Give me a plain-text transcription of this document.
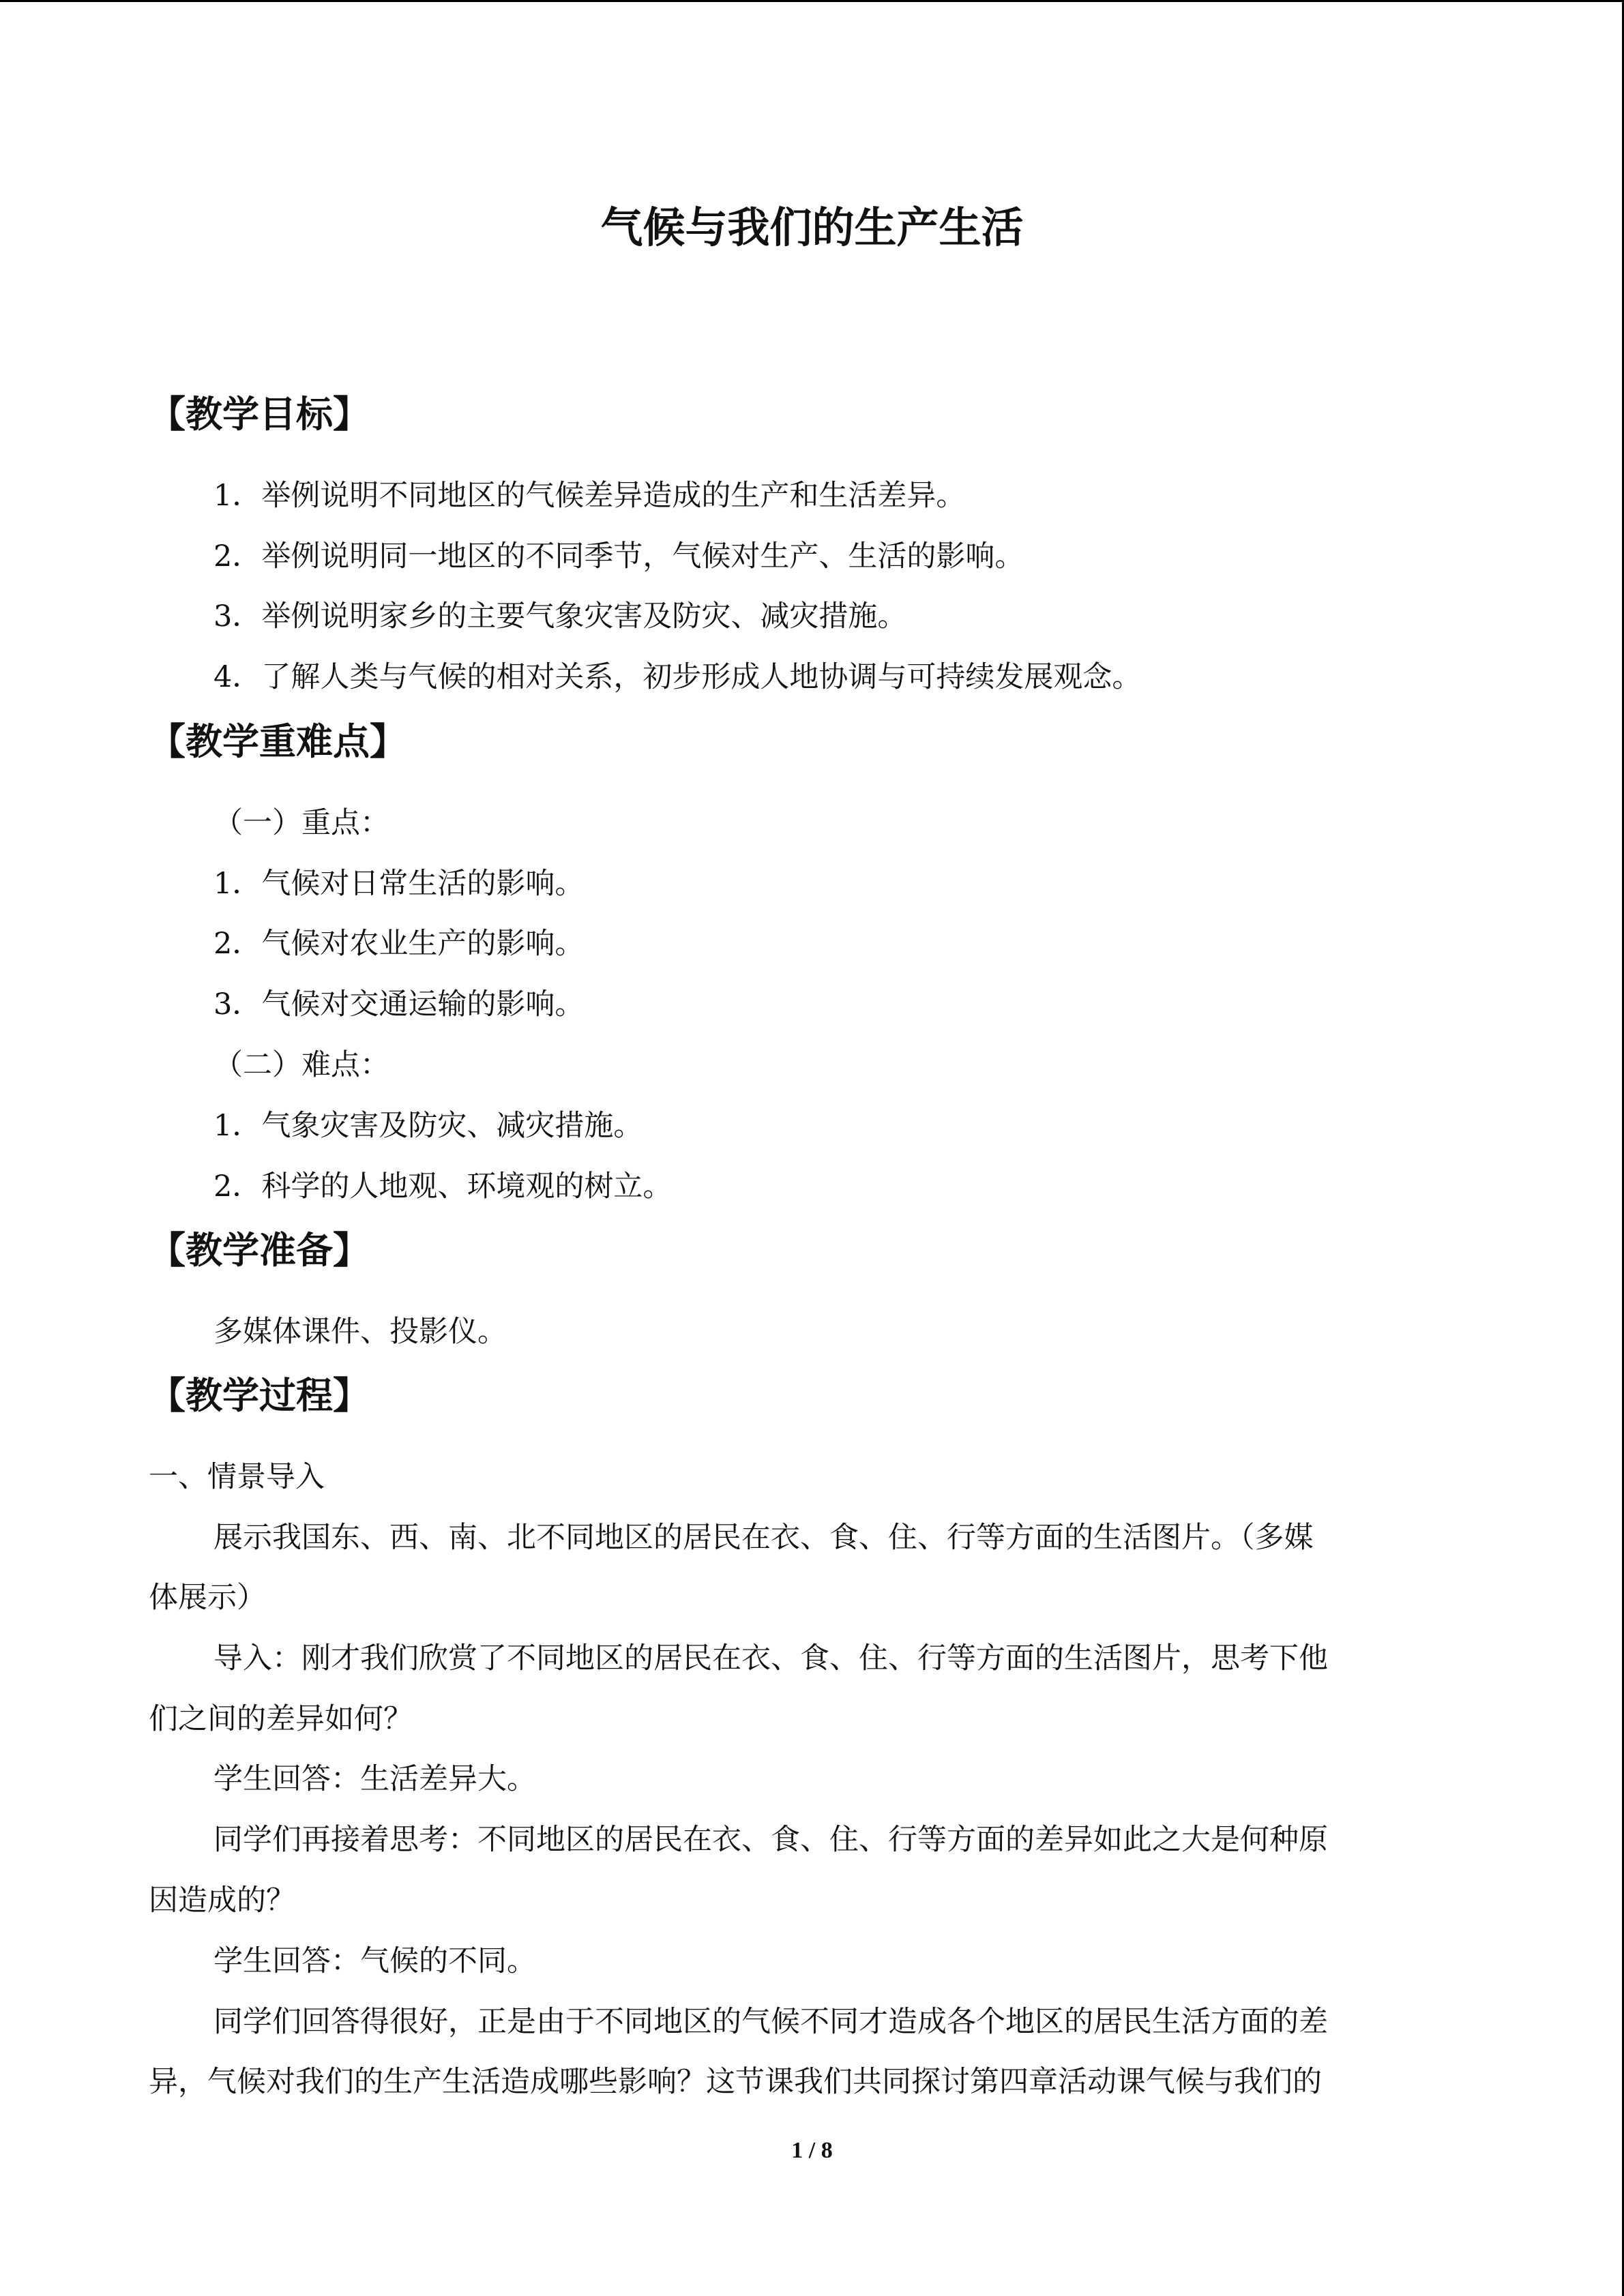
气候与我们的生产生活
【教学目标】
1．举例说明不同地区的气候差异造成的生产和生活差异。
2．举例说明同一地区的不同季节，气候对生产、生活的影响。
3．举例说明家乡的主要气象灾害及防灾、减灾措施。
4．了解人类与气候的相对关系，初步形成人地协调与可持续发展观念。
【教学重难点】
（一）重点：
1．气候对日常生活的影响。
2．气候对农业生产的影响。
3．气候对交通运输的影响。
（二）难点：
1．气象灾害及防灾、减灾措施。
2．科学的人地观、环境观的树立。
【教学准备】
多媒体课件、投影仪。
【教学过程】
一、情景导入
展示我国东、西、南、北不同地区的居民在衣、食、住、行等方面的生活图片。（多媒
体展示）
导入：刚才我们欣赏了不同地区的居民在衣、食、住、行等方面的生活图片，思考下他
们之间的差异如何？
学生回答：生活差异大。
同学们再接着思考：不同地区的居民在衣、食、住、行等方面的差异如此之大是何种原
因造成的？
学生回答：气候的不同。
同学们回答得很好，正是由于不同地区的气候不同才造成各个地区的居民生活方面的差
异，气候对我们的生产生活造成哪些影响？这节课我们共同探讨第四章活动课气候与我们的
1 / 8
